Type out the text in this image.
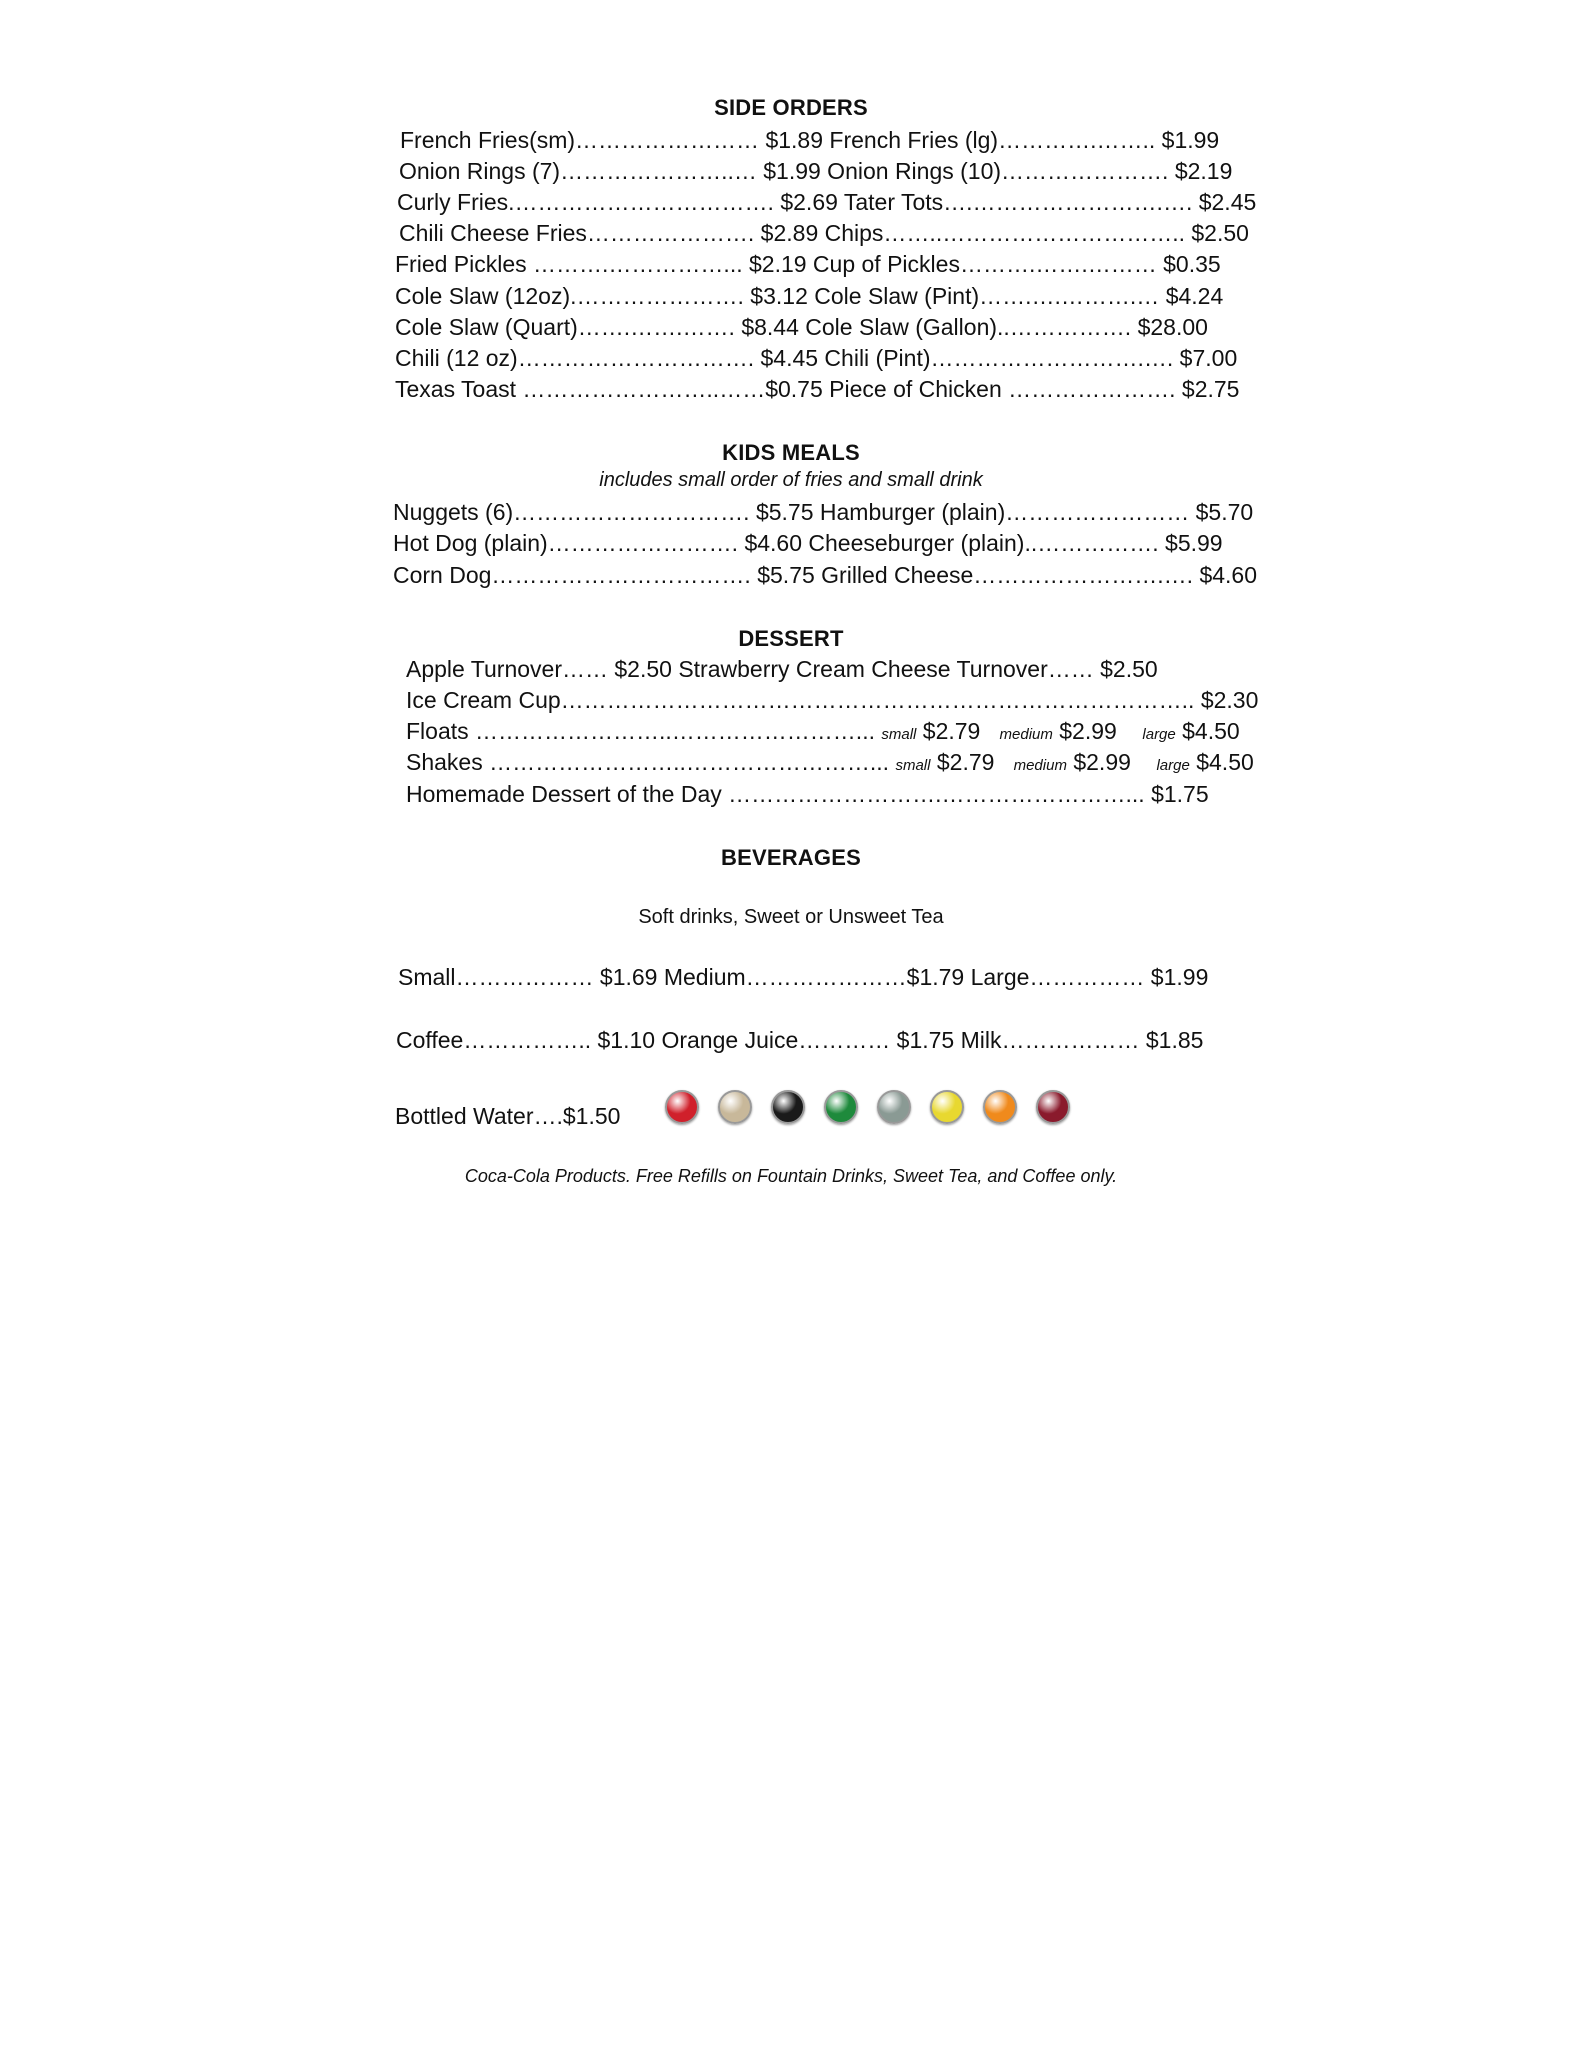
SIDE ORDERS
French Fries(sm)…………………… $1.89 French Fries (lg)………….…….. $1.99
Onion Rings (7)…………………..… $1.99 Onion Rings (10)…………………. $2.19
Curly Fries.……………………………. $2.69 Tater Tots….…………………….…. $2.45
Chili Cheese Fries…………………. $2.89 Chips……..………………………….. $2.50
Fried Pickles ……….……………... $2.19 Cup of Pickles……….…….……… $0.35
Cole Slaw (12oz).…………………. $3.12 Cole Slaw (Pint)…….….……….… $4.24
Cole Slaw (Quart)…….…….……. $8.44 Cole Slaw (Gallon)..……………. $28.00
Chili (12 oz)…………………………. $4.45 Chili (Pint)……………………….…. $7.00
Texas Toast ……………………..……$0.75 Piece of Chicken …………………. $2.75
KIDS MEALS
includes small order of fries and small drink
Nuggets (6)…………………………. $5.75 Hamburger (plain)…………………… $5.70
Hot Dog (plain)……………………. $4.60 Cheeseburger (plain)..……………. $5.99
Corn Dog……………………………. $5.75 Grilled Cheese…………………….…. $4.60
DESSERT
Apple Turnover…… $2.50 Strawberry Cream Cheese Turnover…… $2.50
Ice Cream Cup……………………………………………………………………….. $2.30
Floats ……………………..……………………... small $2.79 medium $2.99 large $4.50
Shakes ……………………..……………………... small $2.79 medium $2.99 large $4.50
Homemade Dessert of the Day ……………………….……………………... $1.75
BEVERAGES
Soft drinks, Sweet or Unsweet Tea
Small……………… $1.69 Medium…………………$1.79 Large…………… $1.99
Coffee…………….. $1.10 Orange Juice………… $1.75 Milk……………… $1.85
Bottled Water….$1.50
Coca-Cola Products. Free Refills on Fountain Drinks, Sweet Tea, and Coffee only.
